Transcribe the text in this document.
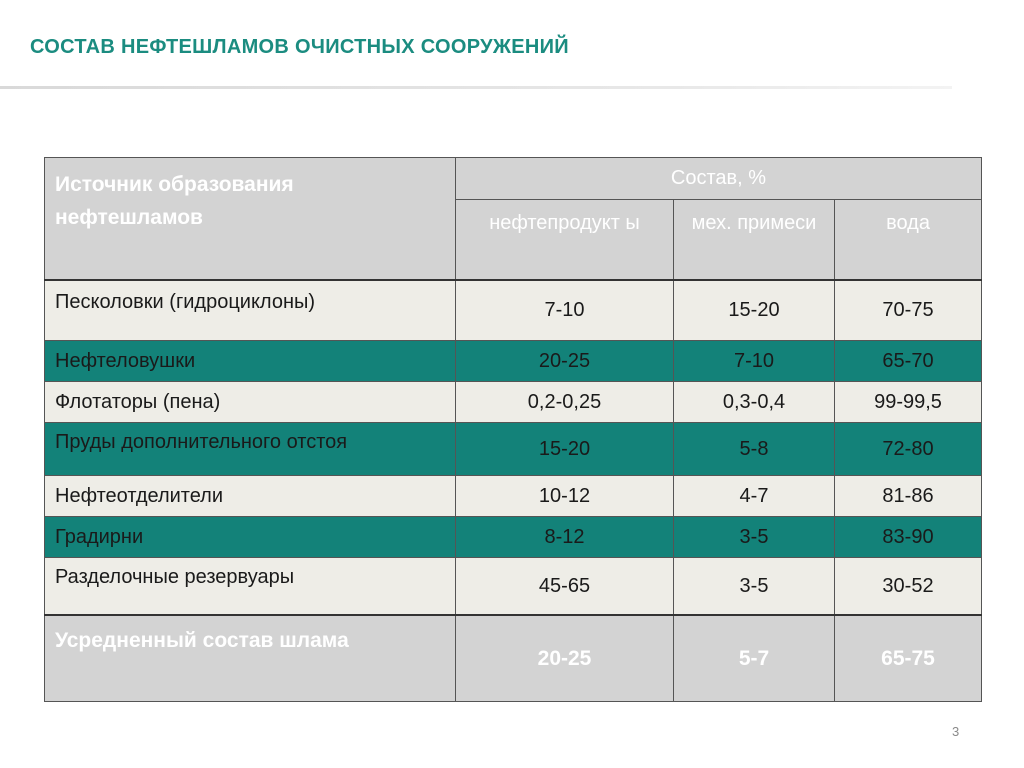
СОСТАВ НЕФТЕШЛАМОВ ОЧИСТНЫХ СООРУЖЕНИЙ
Источник образования нефтешламов	Состав, %		
	нефтепродукт ы	мех. примеси	вода
Песколовки (гидроциклоны)	7-10	15-20	70-75
Нефтеловушки	20-25	7-10	65-70
Флотаторы (пена)	0,2-0,25	0,3-0,4	99-99,5
Пруды дополнительного отстоя	15-20	5-8	72-80
Нефтеотделители	10-12	4-7	81-86
Градирни	8-12	3-5	83-90
Разделочные резервуары	45-65	3-5	30-52
Усредненный состав шлама	20-25	5-7	65-75
3
